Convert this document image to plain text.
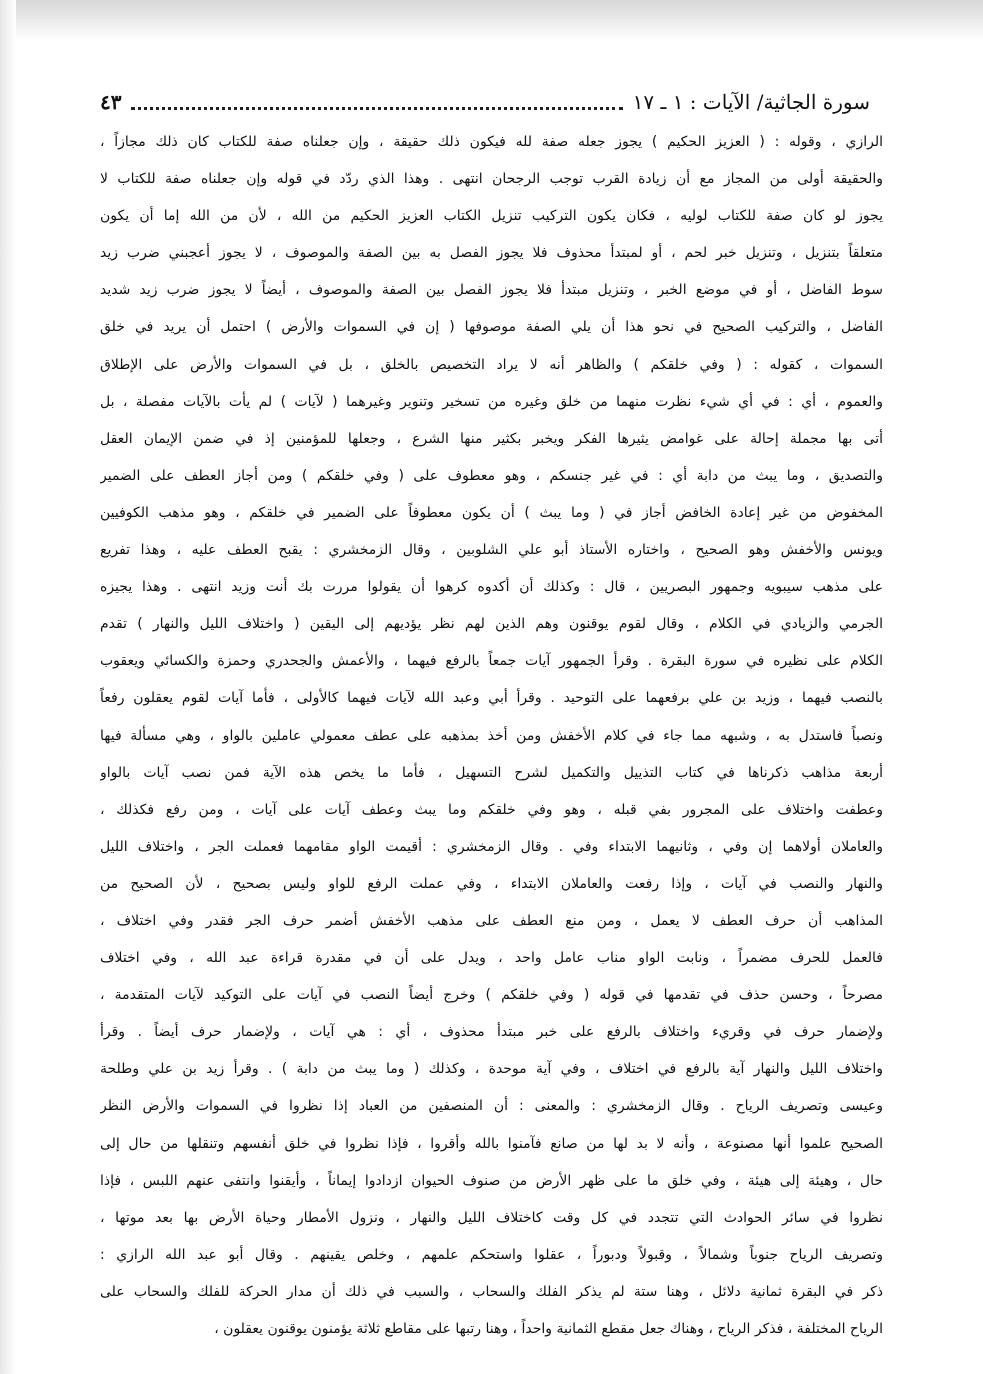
سورة الجاثية/ الآيات : ١ ـ ١٧
٤٣
الرازي ، وقوله : ( العزيز الحكيم ) يجوز جعله صفة لله فيكون ذلك حقيقة ، وإن جعلناه صفة للكتاب كان ذلك مجازاً ،
والحقيقة أولى من المجاز مع أن زيادة القرب توجب الرجحان انتهى . وهذا الذي ردّد في قوله وإن جعلناه صفة للكتاب لا
يجوز لو كان صفة للكتاب لوليه ، فكان يكون التركيب تنزيل الكتاب العزيز الحكيم من الله ، لأن من الله إما أن يكون
متعلقاً بتنزيل ، وتنزيل خبر لحم ، أو لمبتدأ محذوف فلا يجوز الفصل به بين الصفة والموصوف ، لا يجوز أعجبني ضرب زيد
سوط الفاضل ، أو في موضع الخبر ، وتنزيل مبتدأ فلا يجوز الفصل بين الصفة والموصوف ، أيضاً لا يجوز ضرب زيد شديد
الفاضل ، والتركيب الصحيح في نحو هذا أن يلي الصفة موصوفها ( إن في السموات والأرض ) احتمل أن يريد في خلق
السموات ، كقوله : ( وفي خلقكم ) والظاهر أنه لا يراد التخصيص بالخلق ، بل في السموات والأرض على الإطلاق
والعموم ، أي : في أي شيء نظرت منهما من خلق وغيره من تسخير وتنوير وغيرهما ( لآيات ) لم يأت بالآيات مفصلة ، بل
أتى بها مجملة إحالة على غوامض يثيرها الفكر ويخبر بكثير منها الشرع ، وجعلها للمؤمنين إذ في ضمن الإيمان العقل
والتصديق ، وما يبث من دابة أي : في غير جنسكم ، وهو معطوف على ( وفي خلقكم ) ومن أجاز العطف على الضمير
المخفوض من غير إعادة الخافض أجاز في ( وما يبث ) أن يكون معطوفاً على الضمير في خلقكم ، وهو مذهب الكوفيين
ويونس والأخفش وهو الصحيح ، واختاره الأستاذ أبو علي الشلوبين ، وقال الزمخشري : يقبح العطف عليه ، وهذا تفريع
على مذهب سيبويه وجمهور البصريين ، قال : وكذلك أن أكدوه كرهوا أن يقولوا مررت بك أنت وزيد انتهى . وهذا يجيزه
الجرمي والزيادي في الكلام ، وقال لقوم يوقنون وهم الذين لهم نظر يؤديهم إلى اليقين ( واختلاف الليل والنهار ) تقدم
الكلام على نظيره في سورة البقرة . وقرأ الجمهور آيات جمعاً بالرفع فيهما ، والأعمش والجحدري وحمزة والكسائي ويعقوب
بالنصب فيهما ، وزيد بن علي برفعهما على التوحيد . وقرأ أبي وعبد الله لآيات فيهما كالأولى ، فأما آيات لقوم يعقلون رفعاً
ونصباً فاستدل به ، وشبهه مما جاء في كلام الأخفش ومن أخذ بمذهبه على عطف معمولي عاملين بالواو ، وهي مسألة فيها
أربعة مذاهب ذكرناها في كتاب التذييل والتكميل لشرح التسهيل ، فأما ما يخص هذه الآية فمن نصب آيات بالواو
وعطفت واختلاف على المجرور بفي قبله ، وهو وفي خلقكم وما يبث وعطف آيات على آيات ، ومن رفع فكذلك ،
والعاملان أولاهما إن وفي ، وثانيهما الابتداء وفي . وقال الزمخشري : أقيمت الواو مقامهما فعملت الجر ، واختلاف الليل
والنهار والنصب في آيات ، وإذا رفعت والعاملان الابتداء ، وفي عملت الرفع للواو وليس بصحيح ، لأن الصحيح من
المذاهب أن حرف العطف لا يعمل ، ومن منع العطف على مذهب الأخفش أضمر حرف الجر فقدر وفي اختلاف ،
فالعمل للحرف مضمراً ، ونابت الواو مناب عامل واحد ، ويدل على أن في مقدرة قراءة عبد الله ، وفي اختلاف
مصرحاً ، وحسن حذف في تقدمها في قوله ( وفي خلقكم ) وخرج أيضاً النصب في آيات على التوكيد لآيات المتقدمة ،
ولإضمار حرف في وقريء واختلاف بالرفع على خبر مبتدأ محذوف ، أي : هي آيات ، ولإضمار حرف أيضاً . وقرأ
واختلاف الليل والنهار آية بالرفع في اختلاف ، وفي آية موحدة ، وكذلك ( وما يبث من دابة ) . وقرأ زيد بن علي وطلحة
وعيسى وتصريف الرياح . وقال الزمخشري : والمعنى : أن المنصفين من العباد إذا نظروا في السموات والأرض النظر
الصحيح علموا أنها مصنوعة ، وأنه لا بد لها من صانع فآمنوا بالله وأقروا ، فإذا نظروا في خلق أنفسهم وتنقلها من حال إلى
حال ، وهيئة إلى هيئة ، وفي خلق ما على ظهر الأرض من صنوف الحيوان ازدادوا إيماناً ، وأيقنوا وانتفى عنهم اللبس ، فإذا
نظروا في سائر الحوادث التي تتجدد في كل وقت كاختلاف الليل والنهار ، ونزول الأمطار وحياة الأرض بها بعد موتها ،
وتصريف الرياح جنوباً وشمالاً ، وقبولاً ودبوراً ، عقلوا واستحكم علمهم ، وخلص يقينهم . وقال أبو عبد الله الرازي :
ذكر في البقرة ثمانية دلائل ، وهنا ستة لم يذكر الفلك والسحاب ، والسبب في ذلك أن مدار الحركة للفلك والسحاب على
الرياح المختلفة ، فذكر الرياح ، وهناك جعل مقطع الثمانية واحداً ، وهنا رتبها على مقاطع ثلاثة يؤمنون يوقنون يعقلون ،
